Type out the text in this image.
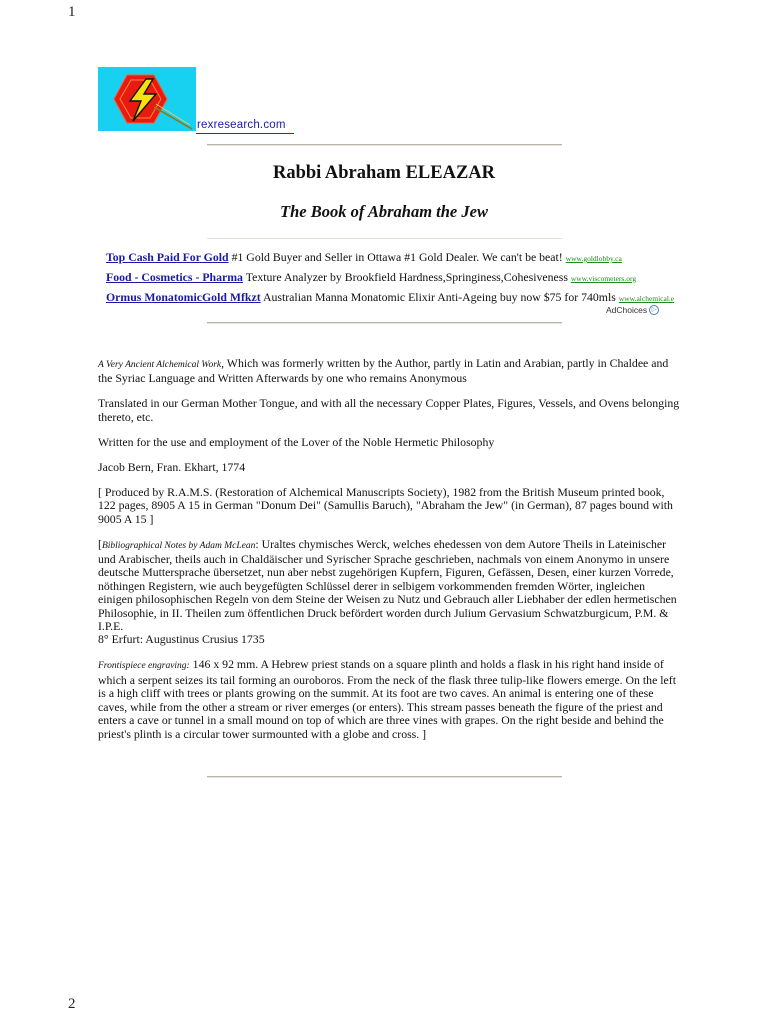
1
rexresearch.com
Rabbi Abraham ELEAZAR
The Book of Abraham the Jew
Top Cash Paid For Gold #1 Gold Buyer and Seller in Ottawa #1 Gold Dealer. We can't be beat! www.goldlobby.ca
Food - Cosmetics - Pharma Texture Analyzer by Brookfield Hardness,Springiness,Cohesiveness www.viscometers.org
Ormus MonatomicGold Mfkzt Australian Manna Monatomic Elixir Anti-Ageing buy now $75 for 740mls www.alchemical.e
AdChoices ▷

A Very Ancient Alchemical Work, Which was formerly written by the Author, partly in Latin and Arabian, partly in Chaldee and the Syriac Language and Written Afterwards by one who remains Anonymous

Translated in our German Mother Tongue, and with all the necessary Copper Plates, Figures, Vessels, and Ovens belonging thereto, etc.

Written for the use and employment of the Lover of the Noble Hermetic Philosophy

Jacob Bern, Fran. Ekhart, 1774

[ Produced by R.A.M.S. (Restoration of Alchemical Manuscripts Society), 1982 from the British Museum printed book, 122 pages, 8905 A 15 in German "Donum Dei" (Samullis Baruch), "Abraham the Jew" (in German), 87 pages bound with 9005 A 15 ]

[Bibliographical Notes by Adam McLean: Uraltes chymisches Werck, welches ehedessen von dem Autore Theils in Lateinischer und Arabischer, theils auch in Chaldäischer und Syrischer Sprache geschrieben, nachmals von einem Anonymo in unsere deutsche Muttersprache übersetzet, nun aber nebst zugehörigen Kupfern, Figuren, Gefässen, Desen, einer kurzen Vorrede, nöthingen Registern, wie auch beygefügten Schlüssel derer in selbigem vorkommenden fremden Wörter, ingleichen einigen philosophischen Regeln von dem Steine der Weisen zu Nutz und Gebrauch aller Liebhaber der edlen hermetischen Philosophie, in II. Theilen zum öffentlichen Druck befördert worden durch Julium Gervasium Schwatzburgicum, P.M. & I.P.E.
8° Erfurt: Augustinus Crusius 1735

Frontispiece engraving: 146 x 92 mm. A Hebrew priest stands on a square plinth and holds a flask in his right hand inside of which a serpent seizes its tail forming an ouroboros. From the neck of the flask three tulip-like flowers emerge. On the left is a high cliff with trees or plants growing on the summit. At its foot are two caves. An animal is entering one of these caves, while from the other a stream or river emerges (or enters). This stream passes beneath the figure of the priest and enters a cave or tunnel in a small mound on top of which are three vines with grapes. On the right beside and behind the priest's plinth is a circular tower surmounted with a globe and cross. ]

2
